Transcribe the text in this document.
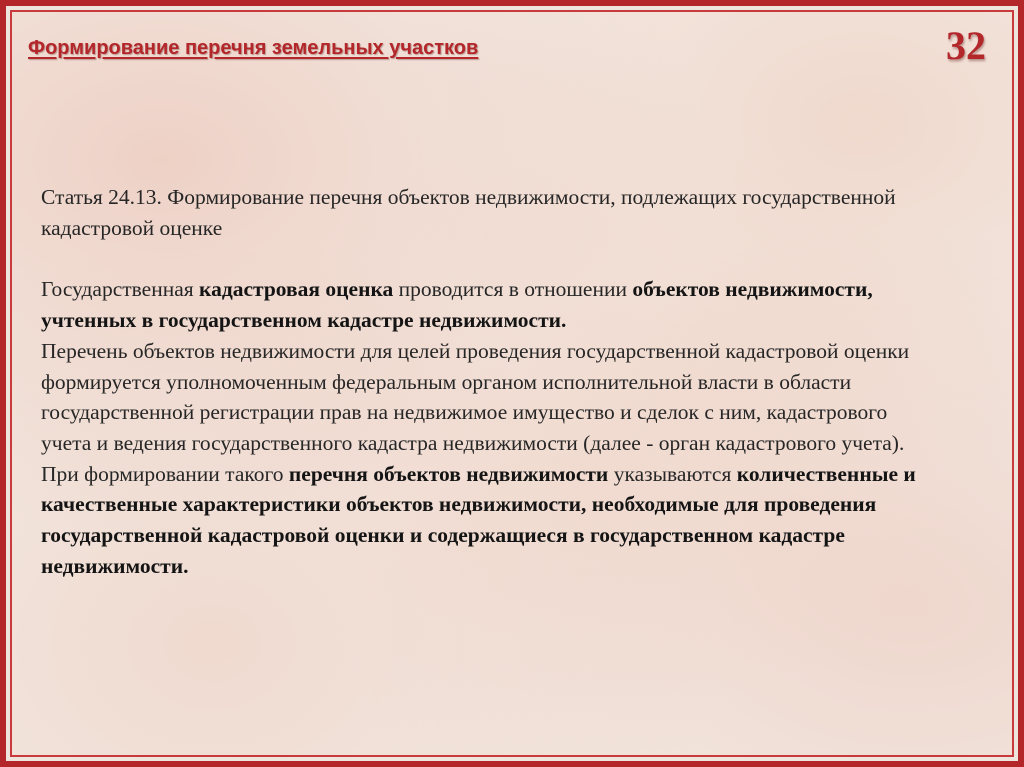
Формирование перечня земельных участков	32

Статья 24.13. Формирование перечня объектов недвижимости, подлежащих государственной кадастровой оценке

Государственная кадастровая оценка проводится в отношении объектов недвижимости, учтенных в государственном кадастре недвижимости.

Перечень объектов недвижимости для целей проведения государственной кадастровой оценки формируется уполномоченным федеральным органом исполнительной власти в области государственной регистрации прав на недвижимое имущество и сделок с ним, кадастрового учета и ведения государственного кадастра недвижимости (далее - орган кадастрового учета).

При формировании такого перечня объектов недвижимости указываются количественные и качественные характеристики объектов недвижимости, необходимые для проведения государственной кадастровой оценки и содержащиеся в государственном кадастре недвижимости.
